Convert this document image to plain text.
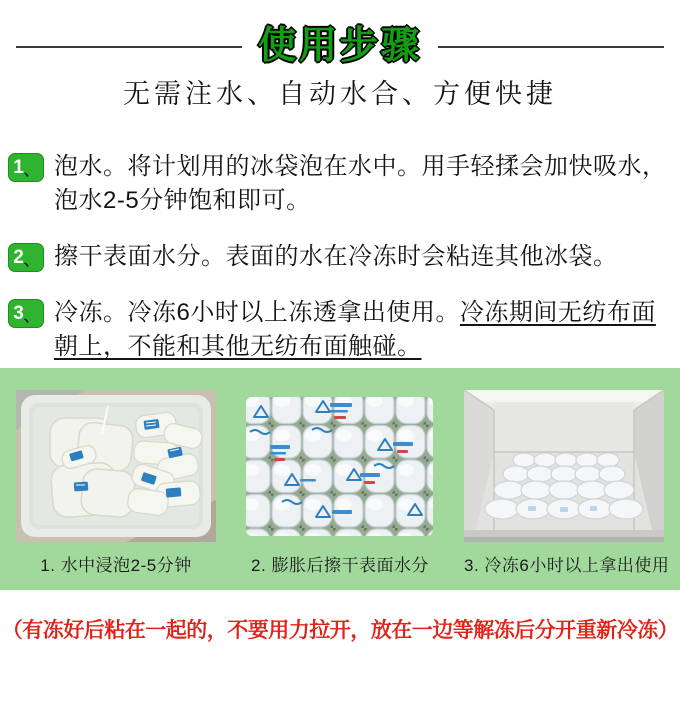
使用步骤
无需注水、自动水合、方便快捷
1 、 泡水。将计划用的冰袋泡在水中。用手轻揉会加快吸水，泡水2-5分钟饱和即可。

2 、 擦干表面水分。表面的水在冷冻时会粘连其他冰袋。

3 、 冷冻。冷冻6小时以上冻透拿出使用。冷冻期间无纺布面朝上，不能和其他无纺布面触碰。

1. 水中浸泡2-5分钟	2. 膨胀后擦干表面水分	3. 冷冻6小时以上拿出使用
（有冻好后粘在一起的，不要用力拉开，放在一边等解冻后分开重新冷冻）
